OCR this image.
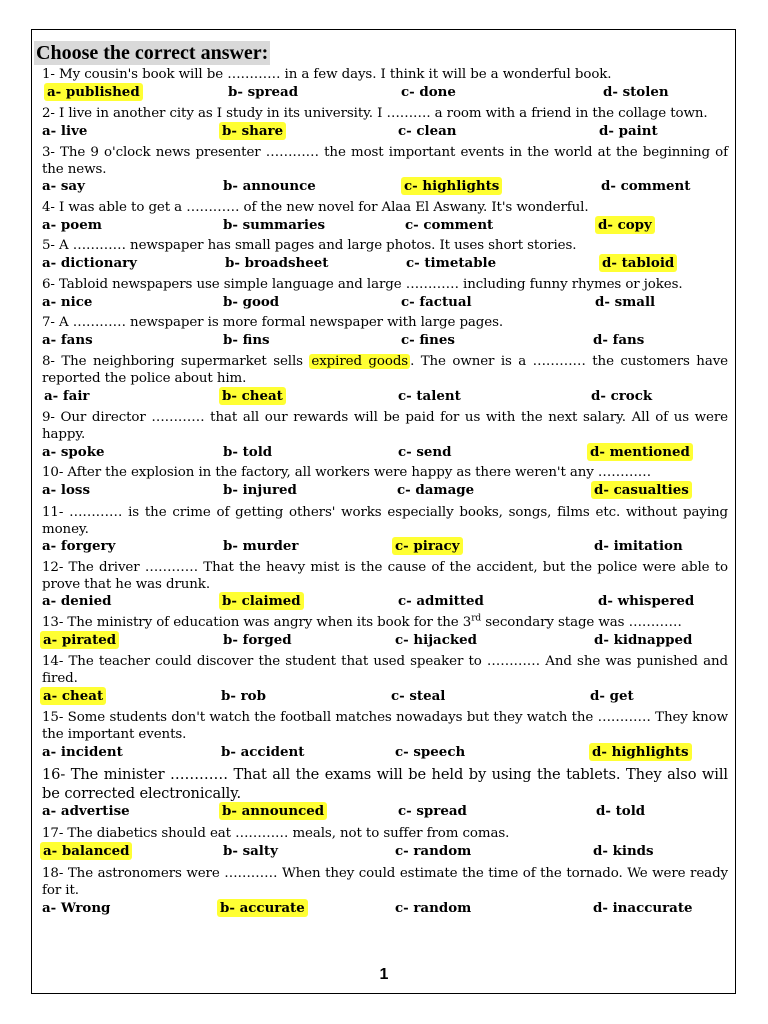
Choose the correct answer:
1- My cousin's book will be ………… in a few days. I think it will be a wonderful book.
a- published	b- spread	c- done	d- stolen
2- I live in another city as I study in its university. I ………. a room with a friend in the collage town.
a- live	b- share	c- clean	d- paint
3- The 9 o'clock news presenter ………… the most important events in the world at the beginning of the news.
a- say	b- announce	c- highlights	d- comment
4- I was able to get a ………… of the new novel for Alaa El Aswany. It's wonderful.
a- poem	b- summaries	c- comment	d- copy
5- A ………… newspaper has small pages and large photos. It uses short stories.
a- dictionary	b- broadsheet	c- timetable	d- tabloid
6- Tabloid newspapers use simple language and large ………… including funny rhymes or jokes.
a- nice	b- good	c- factual	d- small
7- A ………… newspaper is more formal newspaper with large pages.
a- fans	b- fins	c- fines	d- fans
8- The neighboring supermarket sells expired goods . The owner is a ………… the customers have reported the police about him.
a- fair	b- cheat	c- talent	d- crock
9- Our director ………… that all our rewards will be paid for us with the next salary. All of us were happy.
a- spoke	b- told	c- send	d- mentioned
10- After the explosion in the factory, all workers were happy as there weren't any …………
a- loss	b- injured	c- damage	d- casualties
11- ………… is the crime of getting others' works especially books, songs, films etc. without paying money.
a- forgery	b- murder	c- piracy	d- imitation
12- The driver ………… That the heavy mist is the cause of the accident, but the police were able to prove that he was drunk.
a- denied	b- claimed	c- admitted	d- whispered
13- The ministry of education was angry when its book for the 3rd secondary stage was …………
a- pirated	b- forged	c- hijacked	d- kidnapped
14- The teacher could discover the student that used speaker to ………… And she was punished and fired.
a- cheat	b- rob	c- steal	d- get
15- Some students don't watch the football matches nowadays but they watch the ………… They know the important events.
a- incident	b- accident	c- speech	d- highlights
16- The minister ………… That all the exams will be held by using the tablets. They also will be corrected electronically.
a- advertise	b- announced	c- spread	d- told
17- The diabetics should eat ………… meals, not to suffer from comas.
a- balanced	b- salty	c- random	d- kinds
18- The astronomers were ………… When they could estimate the time of the tornado. We were ready for it.
a- Wrong	b- accurate	c- random	d- inaccurate
1
